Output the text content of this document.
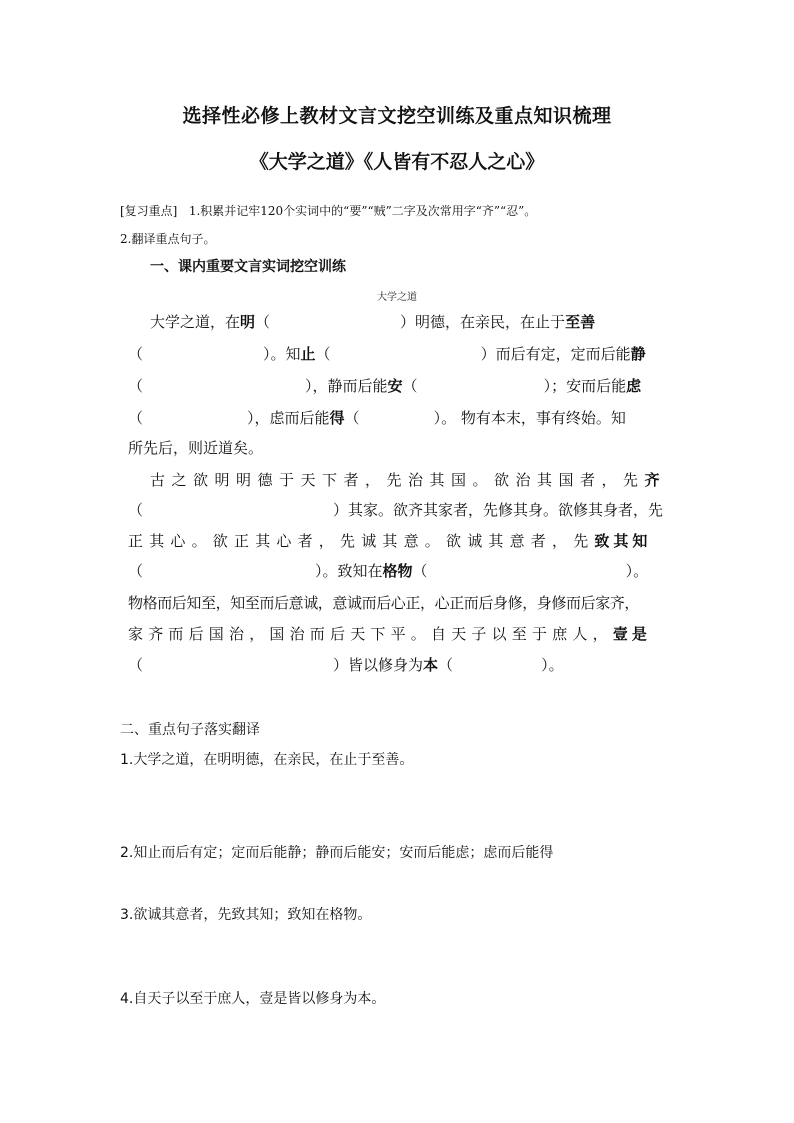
选择性必修上教材文言文挖空训练及重点知识梳理
《大学之道》《人皆有不忍人之心》
[复习重点] 1.积累并记牢120个实词中的“要”“贼”二字及次常用字“齐”“忍”。
2.翻译重点句子。
一、课内重要文言实词挖空训练
大学之道
大学之道，在 明 （	）明德，在亲民，在止于 至善
（	）。知 止 （	）而后有定，定而后能 静
（	），静而后能 安 （	）；安而后能 虑
（	），虑而后能 得 （	）。 物有本末，事有终始。知
所先后，则近道矣。
古之欲明明德于天下者，先治其国。欲治其国者，先 齐
（	）其家。欲齐其家者，先修其身。欲修其身者，先
正其心。欲正其心者，先诚其意。欲诚其意者，先 致其知
（	）。致知在 格物 （	）。
物格而后知至，知至而后意诚，意诚而后心正，心正而后身修，身修而后家齐，
家齐而后国治，国治而后天下平。自天子以至于庶人， 壹是
（	）皆以修身为 本 （	）。
二、重点句子落实翻译
1.大学之道，在明明德，在亲民，在止于至善。
2.知止而后有定；定而后能静；静而后能安；安而后能虑；虑而后能得
3.欲诚其意者，先致其知；致知在格物。
4.自天子以至于庶人，壹是皆以修身为本。
